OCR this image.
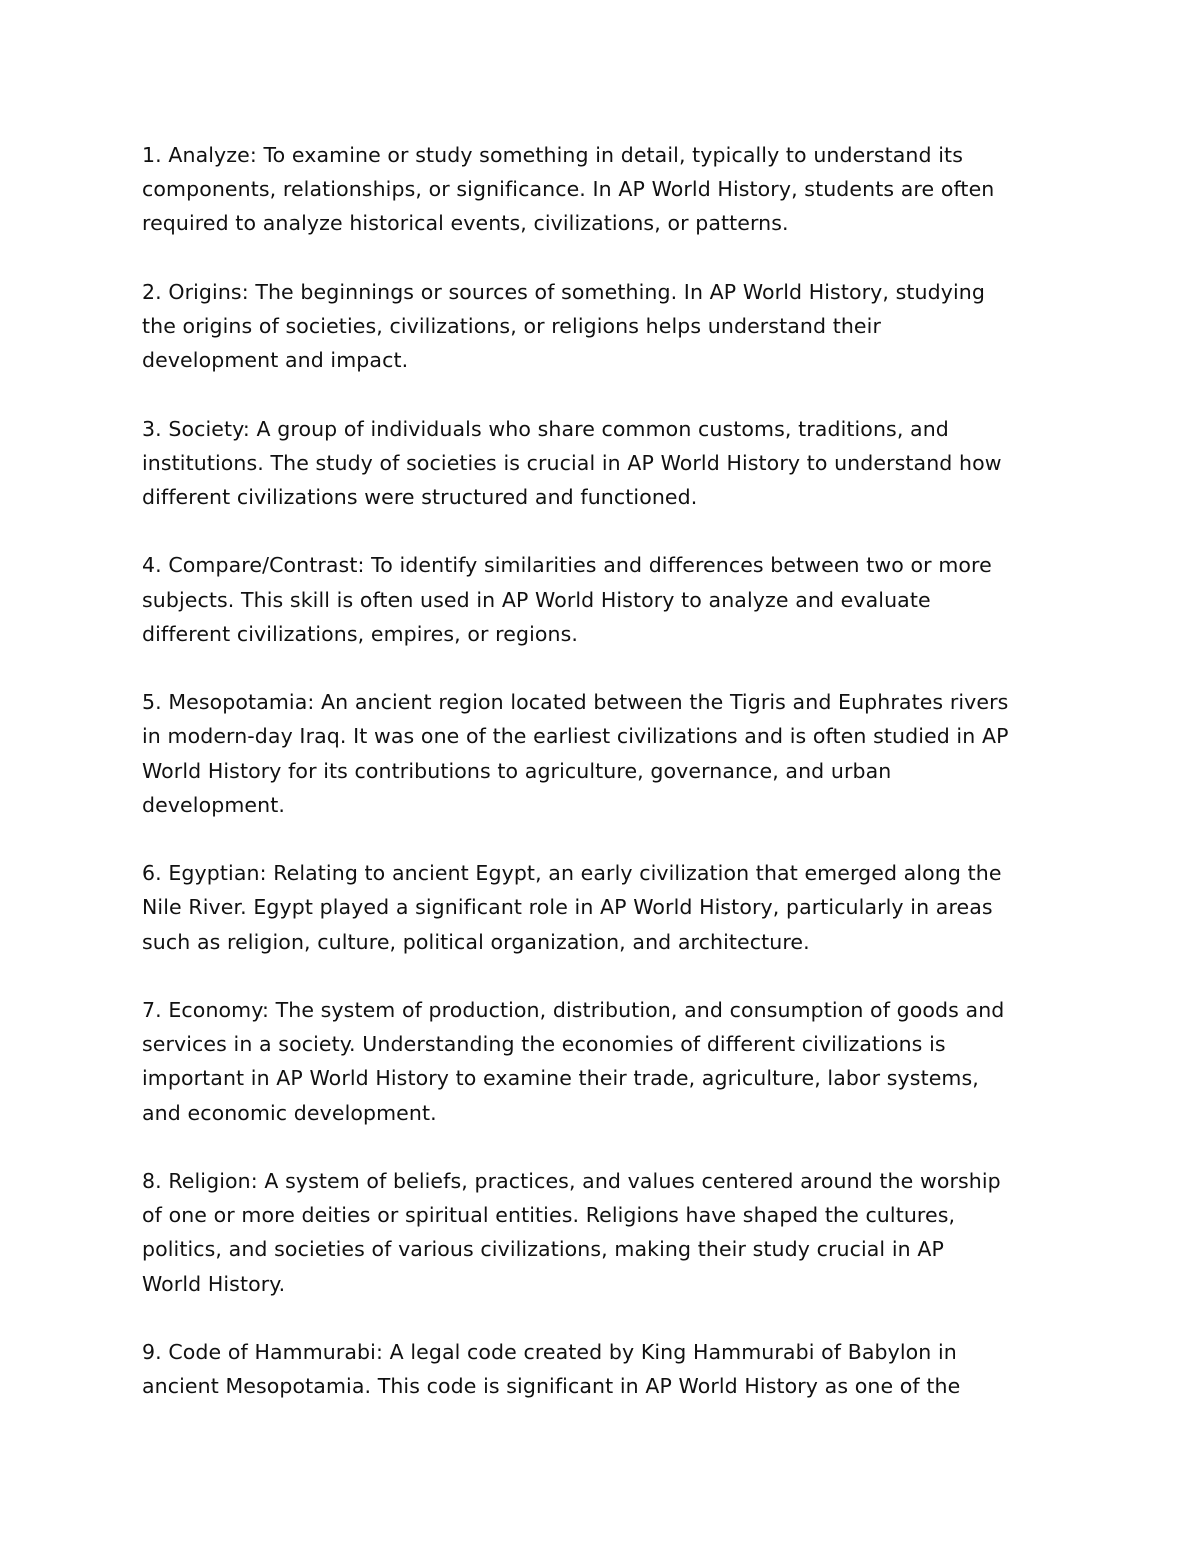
1. Analyze: To examine or study something in detail, typically to understand its
components, relationships, or significance. In AP World History, students are often
required to analyze historical events, civilizations, or patterns.
2. Origins: The beginnings or sources of something. In AP World History, studying
the origins of societies, civilizations, or religions helps understand their
development and impact.
3. Society: A group of individuals who share common customs, traditions, and
institutions. The study of societies is crucial in AP World History to understand how
different civilizations were structured and functioned.
4. Compare/Contrast: To identify similarities and differences between two or more
subjects. This skill is often used in AP World History to analyze and evaluate
different civilizations, empires, or regions.
5. Mesopotamia: An ancient region located between the Tigris and Euphrates rivers
in modern-day Iraq. It was one of the earliest civilizations and is often studied in AP
World History for its contributions to agriculture, governance, and urban
development.
6. Egyptian: Relating to ancient Egypt, an early civilization that emerged along the
Nile River. Egypt played a significant role in AP World History, particularly in areas
such as religion, culture, political organization, and architecture.
7. Economy: The system of production, distribution, and consumption of goods and
services in a society. Understanding the economies of different civilizations is
important in AP World History to examine their trade, agriculture, labor systems,
and economic development.
8. Religion: A system of beliefs, practices, and values centered around the worship
of one or more deities or spiritual entities. Religions have shaped the cultures,
politics, and societies of various civilizations, making their study crucial in AP
World History.
9. Code of Hammurabi: A legal code created by King Hammurabi of Babylon in
ancient Mesopotamia. This code is significant in AP World History as one of the
